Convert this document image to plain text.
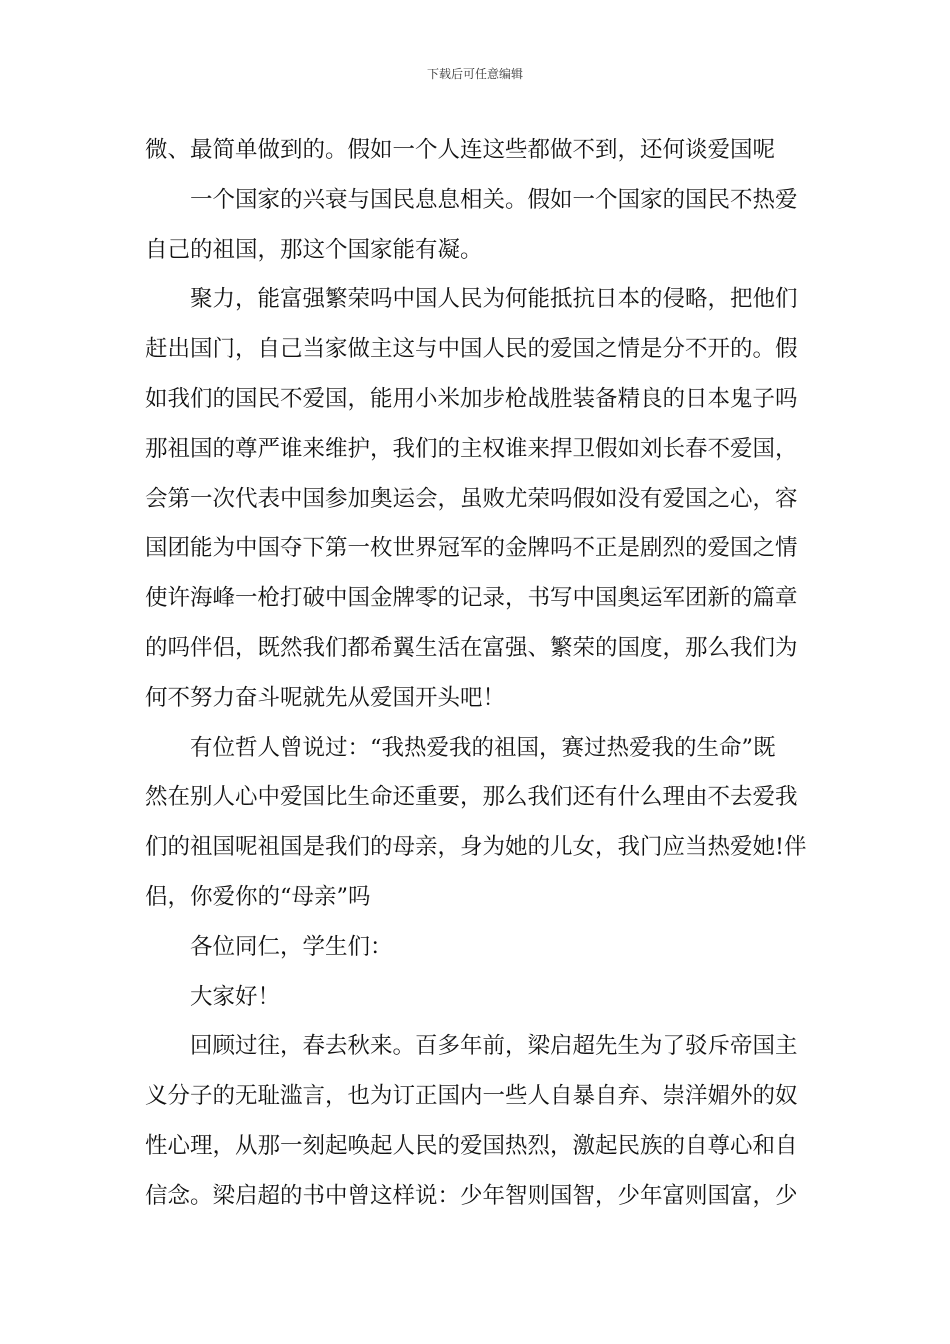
下载后可任意编辑
微、最简单做到的。假如一个人连这些都做不到，还何谈爱国呢
一个国家的兴衰与国民息息相关。假如一个国家的国民不热爱
自己的祖国，那这个国家能有凝。
聚力，能富强繁荣吗中国人民为何能抵抗日本的侵略，把他们
赶出国门，自己当家做主这与中国人民的爱国之情是分不开的。假
如我们的国民不爱国，能用小米加步枪战胜装备精良的日本鬼子吗
那祖国的尊严谁来维护，我们的主权谁来捍卫假如刘长春不爱国，
会第一次代表中国参加奥运会，虽败尤荣吗假如没有爱国之心，容
国团能为中国夺下第一枚世界冠军的金牌吗不正是剧烈的爱国之情
使许海峰一枪打破中国金牌零的记录，书写中国奥运军团新的篇章
的吗伴侣，既然我们都希翼生活在富强、繁荣的国度，那么我们为
何不努力奋斗呢就先从爱国开头吧！
有位哲人曾说过：“我热爱我的祖国，赛过热爱我的生命”既
然在别人心中爱国比生命还重要，那么我们还有什么理由不去爱我
们的祖国呢祖国是我们的母亲，身为她的儿女，我门应当热爱她!伴
侣，你爱你的“母亲”吗
各位同仁，学生们：
大家好！
回顾过往，春去秋来。百多年前，梁启超先生为了驳斥帝国主
义分子的无耻滥言，也为订正国内一些人自暴自弃、崇洋媚外的奴
性心理，从那一刻起唤起人民的爱国热烈，激起民族的自尊心和自
信念。梁启超的书中曾这样说：少年智则国智，少年富则国富，少
